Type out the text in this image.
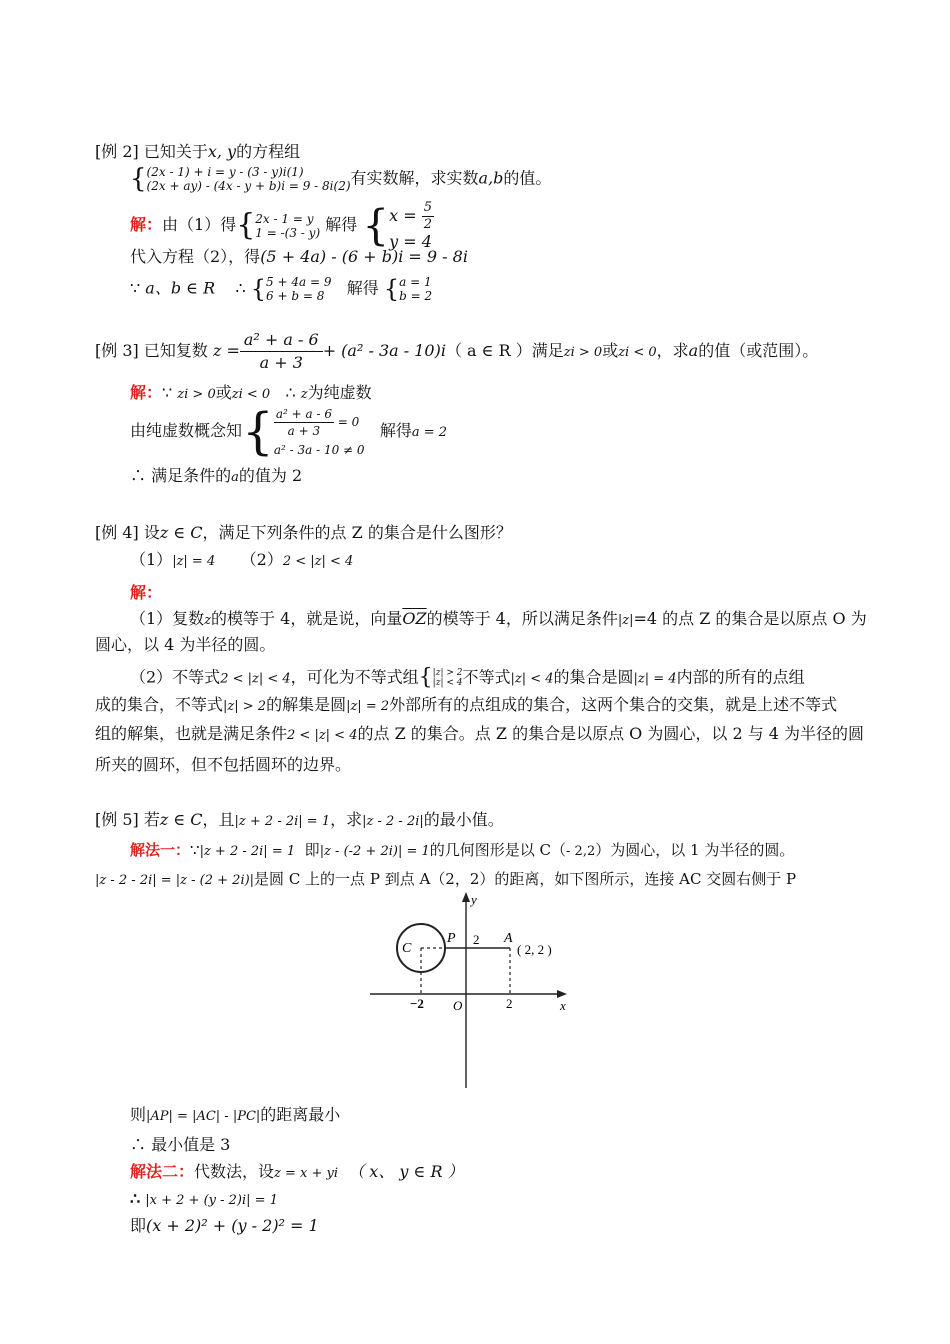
[例 2] 已知关于x, y的方程组
{ (2x - 1) + i = y - (3 - y)i(1)
(2x + ay) - (4x - y + b)i = 9 - 8i(2) 有实数解，求实数a,b的值。
解：由（1）得{ 2x - 1 = y
1 = -(3 - y) 解得 { $x = \frac{5}{2}$
y = 4
代入方程（2），得(5 + 4a) - (6 + b)i = 9 - 8i
∵ a、b ∈ R ∴ { 5 + 4a = 9
6 + b = 8	解得 { a = 1
b = 2
[例 3] 已知复数 $z = \frac{\text{a² + a - 6}}{a + 3} + (a^2 - 3a - 10)i$（ a ∈ R ）满足zi > 0或zi < 0，求a的值（或范围）。
解：∵ zi > 0或zi < 0 ∴ z为纯虚数
由纯虚数概念知{ $\frac{\text{a² + a - 6}}{a + 3} = 0$
a² - 3a - 10 ≠ 0
解得a = 2
∴ 满足条件的a的值为 2
[例 4] 设z ∈ C，满足下列条件的点 Z 的集合是什么图形？
（1）|z| = 4 （2）2 < |z| < 4
解：
（1）复数z的模等于 4，就是说，向量$\overline{OZ}$的模等于 4，所以满足条件|z|=4 的点 Z 的集合是以原点 O 为
圆心，以 4 为半径的圆。
（2）不等式2 < |z| < 4，可化为不等式组{ |z| > 2
|z| < 4 不等式|z| < 4的集合是圆|z| = 4内部的所有的点组
成的集合，不等式|z| > 2的解集是圆|z| = 2外部所有的点组成的集合，这两个集合的交集，就是上述不等式
组的解集，也就是满足条件2 < |z| < 4的点 Z 的集合。点 Z 的集合是以原点 O 为圆心，以 2 与 4 为半径的圆
所夹的圆环，但不包括圆环的边界。
[例 5] 若z ∈ C，且|z + 2 - 2i| = 1，求|z - 2 - 2i|的最小值。
解法一：∵|z + 2 - 2i| = 1 即|z - (-2 + 2i)| = 1的几何图形是以 C（- 2,2）为圆心，以 1 为半径的圆。
|z - 2 - 2i| = |z - (2 + 2i)|是圆 C 上的一点 P 到点 A（2，2）的距离，如下图所示，连接 AC 交圆右侧于 P
y
x
O
C
P	A
2
( 2, 2 )
−2	2
则|AP| = |AC| - |PC|的距离最小
∴ 最小值是 3
解法二：代数法，设z = x + yi （ x、 y ∈ R ）
∴ |x + 2 + (y - 2)i| = 1
即(x + 2)² + (y - 2)² = 1
